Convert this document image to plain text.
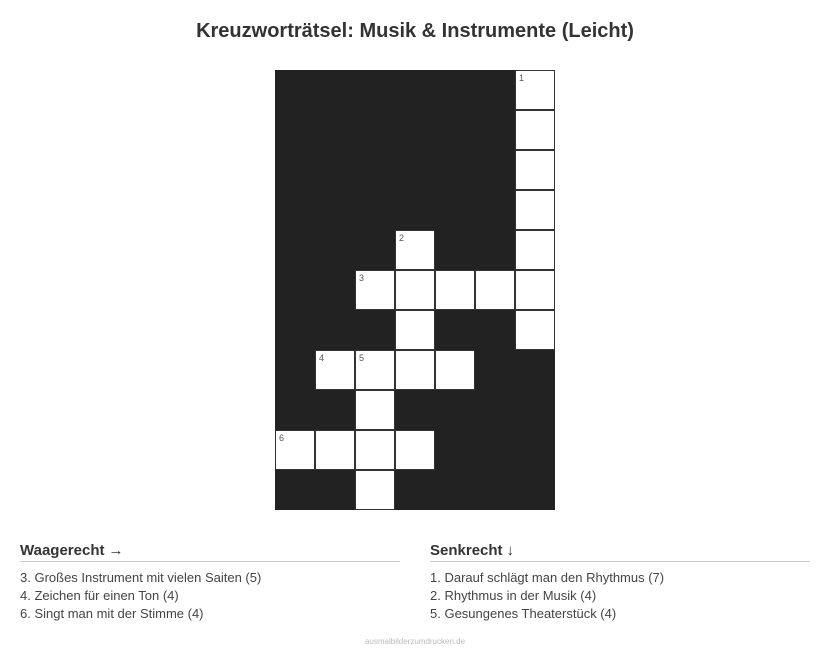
Kreuzworträtsel: Musik & Instrumente (Leicht)
1
2
3
4	5
6
Waagerecht →
3. Großes Instrument mit vielen Saiten (5)
4. Zeichen für einen Ton (4)
6. Singt man mit der Stimme (4)
Senkrecht ↓
1. Darauf schlägt man den Rhythmus (7)
2. Rhythmus in der Musik (4)
5. Gesungenes Theaterstück (4)
ausmalbilderzumdrucken.de
